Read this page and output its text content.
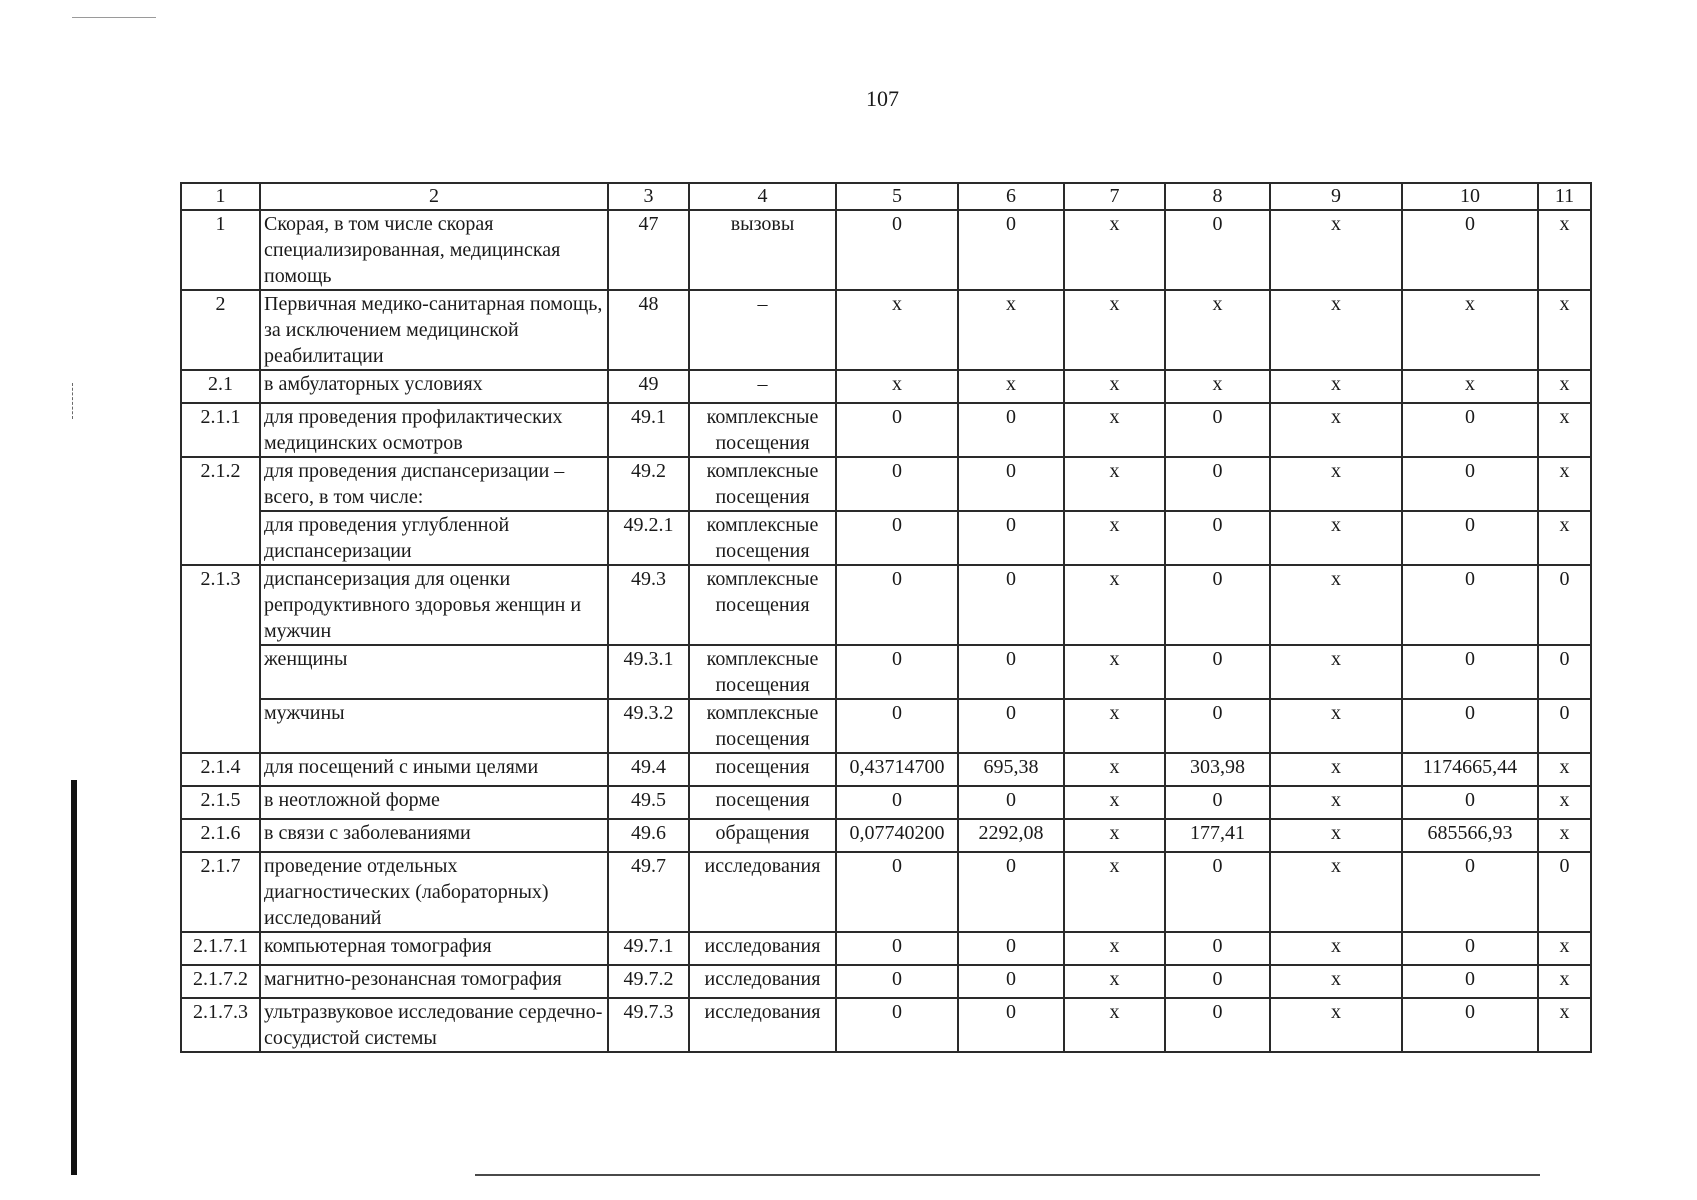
107
1	2	3	4	5	6	7	8	9	10	11
1	Скорая, в том числе скорая специализированная, медицинская помощь	47	вызовы	0	0	х	0	х	0	х
2	Первичная медико-санитарная помощь, за исключением медицинской реабилитации	48	–	х	х	х	х	х	х	х
2.1	в амбулаторных условиях	49	–	х	х	х	х	х	х	х
2.1.1	для проведения профилактических медицинских осмотров	49.1	комплексные посещения	0	0	х	0	х	0	х
2.1.2	для проведения диспансеризации – всего, в том числе:	49.2	комплексные посещения	0	0	х	0	х	0	х
	для проведения углубленной диспансеризации	49.2.1	комплексные посещения	0	0	х	0	х	0	х
2.1.3	диспансеризация для оценки репродуктивного здоровья женщин и мужчин	49.3	комплексные посещения	0	0	х	0	х	0	0
	женщины	49.3.1	комплексные посещения	0	0	х	0	х	0	0
	мужчины	49.3.2	комплексные посещения	0	0	х	0	х	0	0
2.1.4	для посещений с иными целями	49.4	посещения	0,43714700	695,38	х	303,98	х	1174665,44	х
2.1.5	в неотложной форме	49.5	посещения	0	0	х	0	х	0	х
2.1.6	в связи с заболеваниями	49.6	обращения	0,07740200	2292,08	х	177,41	х	685566,93	х
2.1.7	проведение отдельных диагностических (лабораторных) исследований	49.7	исследования	0	0	х	0	х	0	0
2.1.7.1	компьютерная томография	49.7.1	исследования	0	0	х	0	х	0	х
2.1.7.2	магнитно-резонансная томография	49.7.2	исследования	0	0	х	0	х	0	х
2.1.7.3	ультразвуковое исследование сердечно-сосудистой системы	49.7.3	исследования	0	0	х	0	х	0	х
